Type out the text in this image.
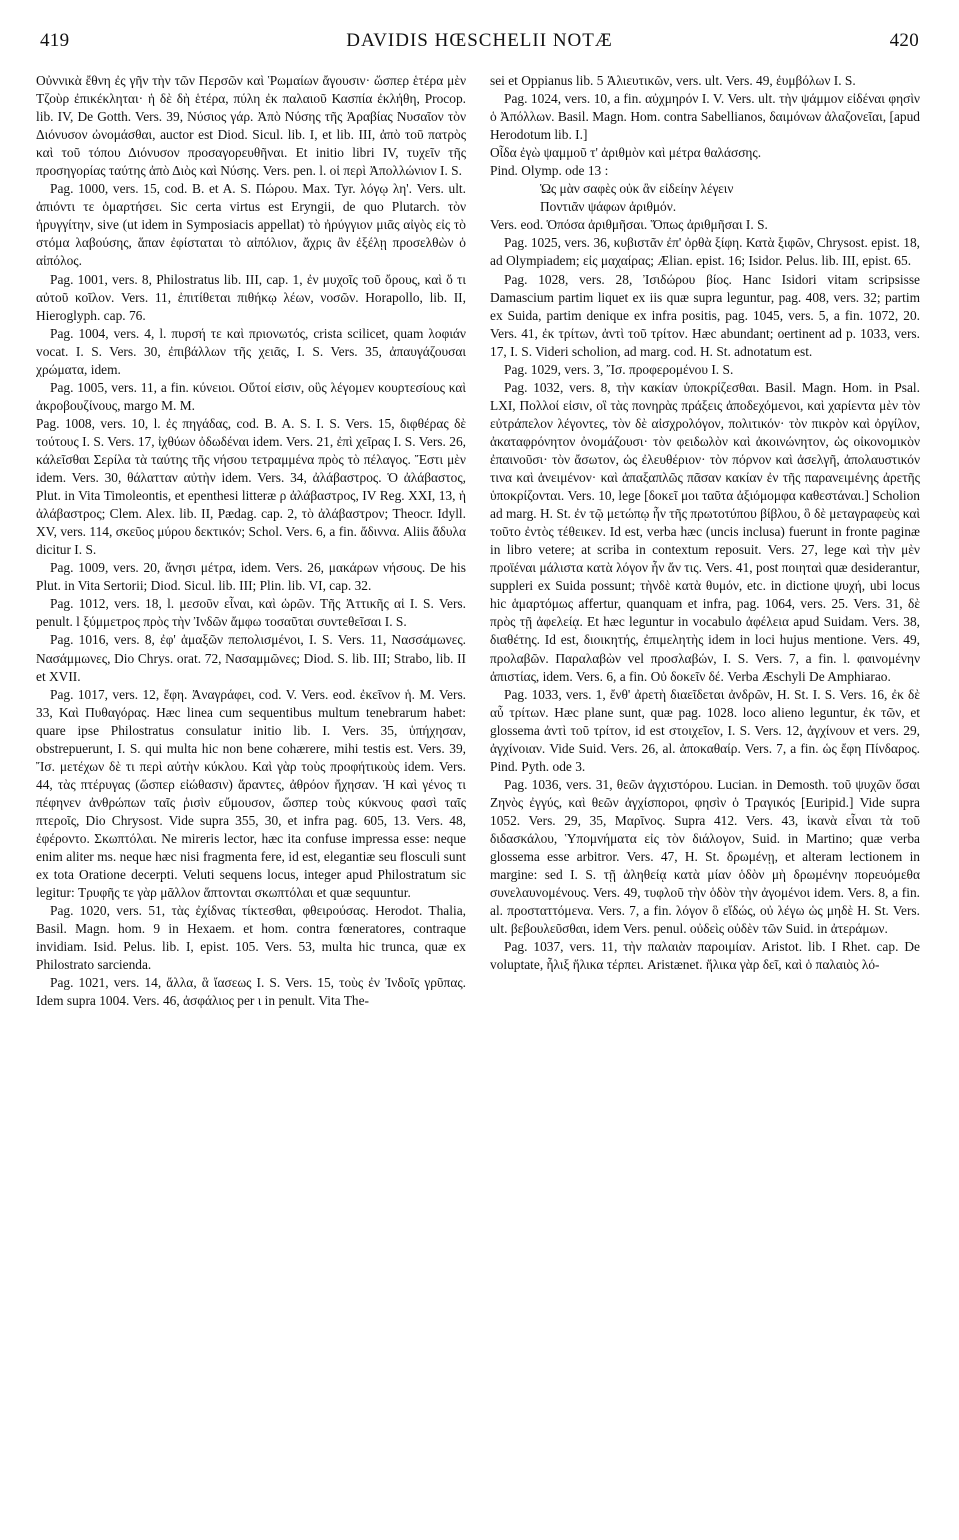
419	DAVIDIS HŒSCHELII NOTÆ	420

Οὐννικὰ ἔθνη ἐς γῆν τὴν τῶν Περσῶν καὶ Ῥωμαίων ἄγουσιν· ὥσπερ ἑτέρα μὲν Τζοὺρ ἐπικέκληται· ἡ δὲ δὴ ἑτέρα, πύλη ἐκ παλαιοῦ Κασπία ἐκλήθη, Procop. lib. IV, De Gotth. Vers. 39, Νύσιος γάρ. Ἀπὸ Νύσης τῆς Ἀραβίας Νυσαῖον τὸν Διόνυσον ὠνομάσθαι, auctor est Diod. Sicul. lib. I, et lib. III, ἀπὸ τοῦ πατρὸς καὶ τοῦ τόπου Διόνυσον προσαγορευθῆναι. Et initio libri IV, τυχεῖν τῆς προσηγορίας ταύτης ἀπὸ Διὸς καὶ Νύσης. Vers. pen. l. οἱ περὶ Ἀπολλώνιον I. S.

Pag. 1000, vers. 15, cod. B. et A. S. Πώρου. Max. Tyr. λόγῳ λη'. Vers. ult. ἀπιόντι τε ὁμαρτήσει. Sic certa virtus est Eryngii, de quo Plutarch. τὸν ἠρυγγίτην, sive (ut idem in Symposiacis appellat) τὸ ἠρύγγιον μιᾶς αἰγὸς εἰς τὸ στόμα λαβούσης, ἅπαν ἐφίσταται τὸ αἰπόλιον, ἄχρις ἂν ἐξέλῃ προσελθὼν ὁ αἰπόλος.

Pag. 1001, vers. 8, Philostratus lib. III, cap. 1, ἐν μυχοῖς τοῦ ὄρους, καὶ ὅ τι αὐτοῦ κοῖλον. Vers. 11, ἐπιτίθεται πιθήκῳ λέων, νοσῶν. Horapollo, lib. II, Hieroglyph. cap. 76.

Pag. 1004, vers. 4, l. πυρσή τε καὶ πριονωτός, crista scilicet, quam λοφιάν vocat. I. S. Vers. 30, ἐπιβάλλων τῆς χειᾶς, I. S. Vers. 35, ἀπαυγάζουσαι χρώματα, idem.

Pag. 1005, vers. 11, a fin. κύνειοι. Οὕτοί εἰσιν, οὓς λέγομεν κουρτεσίους καὶ ἀκροβουζίνους, margo M. M.

Pag. 1008, vers. 10, l. ἐς πηγάδας, cod. B. A. S. I. S. Vers. 15, διφθέρας δὲ τούτους I. S. Vers. 17, ἰχθύων ὀδωδέναι idem. Vers. 21, ἐπὶ χεῖρας I. S. Vers. 26, κάλεῖσθαι Σερίλα τὰ ταύτης τῆς νήσου τετραμμένα πρὸς τὸ πέλαγος. Ἔστι μὲν idem. Vers. 30, θάλατταν αὐτὴν idem. Vers. 34, ἀλάβαστρος. Ὁ ἀλάβαστος, Plut. in Vita Timoleontis, et epenthesi litteræ ρ ἀλάβαστρος, IV Reg. XXI, 13, ἡ ἀλάβαστρος; Clem. Alex. lib. II, Pædag. cap. 2, τὸ ἀλάβαστρον; Theocr. Idyll. XV, vers. 114, σκεῦος μύρου δεκτικόν; Schol. Vers. 6, a fin. ἄδιννα. Aliis ἄδυλα dicitur I. S.

Pag. 1009, vers. 20, ἄνησι μέτρα, idem. Vers. 26, μακάρων νήσους. De his Plut. in Vita Sertorii; Diod. Sicul. lib. III; Plin. lib. VI, cap. 32.

Pag. 1012, vers. 18, l. μεσοῦν εἶναι, καὶ ὡρῶν. Τῆς Ἀττικῆς αἱ I. S. Vers. penult. l ξύμμετρος πρὸς τὴν Ἰνδῶν ἄμφω τοσαῦται συντεθεῖσαι I. S.

Pag. 1016, vers. 8, ἐφ' ἁμαξῶν πεπολισμένοι, I. S. Vers. 11, Νασσάμωνες. Νασάμμωνες, Dio Chrys. orat. 72, Νασαμμῶνες; Diod. S. lib. III; Strabo, lib. II et XVII.

Pag. 1017, vers. 12, ἔφη. Ἀναγράφει, cod. V. Vers. eod. ἐκεῖνον ἡ. M. Vers. 33, Καὶ Πυθαγόρας. Hæc linea cum sequentibus multum tenebrarum habet: quare ipse Philostratus consulatur initio lib. I. Vers. 35, ὑπήχησαν, obstrepuerunt, I. S. qui multa hic non bene cohærere, mihi testis est. Vers. 39, Ἴσ. μετέχων δὲ τι περὶ αὐτὴν κύκλου. Καὶ γὰρ τοὺς προφήτικοὺς idem. Vers. 44, τὰς πτέρυγας (ὥσπερ εἰώθασιν) ἄραντες, ἀθρόον ἤχησαν. Ἡ καὶ γένος τι πέφηνεν ἀνθρώπων ταῖς ῥισὶν εὔμουσον, ὥσπερ τοὺς κύκνους φασὶ ταῖς πτεροῖς, Dio Chrysost. Vide supra 355, 30, et infra pag. 605, 13. Vers. 48, ἐφέροντο. Σκωπτόλαι. Ne mireris lector, hæc ita confuse impressa esse: neque enim aliter ms. neque hæc nisi fragmenta fere, id est, elegantiæ seu flosculi sunt ex tota Oratione decerpti. Veluti sequens locus, integer apud Philostratum sic legitur: Τρυφῆς τε γὰρ μᾶλλον ἅπτονται σκωπτόλαι et quæ sequuntur.

Pag. 1020, vers. 51, τὰς ἐχίδνας τίκτεσθαι, φθειρούσας. Herodot. Thalia, Basil. Magn. hom. 9 in Hexaem. et hom. contra fœneratores, contraque invidiam. Isid. Pelus. lib. I, epist. 105. Vers. 53, multa hic trunca, quæ ex Philostrato sarcienda.

Pag. 1021, vers. 14, ἄλλα, ἃ ἴασεως I. S. Vers. 15, τοὺς ἐν Ἰνδοῖς γρῦπας. Idem supra 1004. Vers. 46, ἀσφάλιος per ι in penult. Vita The-

sei et Oppianus lib. 5 Ἁλιευτικῶν, vers. ult. Vers. 49, ἐυμβόλων I. S.

Pag. 1024, vers. 10, a fin. αὐχμηρόν I. V. Vers. ult. τὴν ψάμμον εἰδέναι φησὶν ὁ Ἀπόλλων. Basil. Magn. Hom. contra Sabellianos, δαιμόνων ἀλαζονεῖαι, [apud Herodotum lib. I.]

Οἶδα ἐγὼ ψαμμοῦ τ' ἀριθμὸν καὶ μέτρα θαλάσσης.

Pind. Olymp. ode 13 :

Ὡς μὰν σαφὲς οὐκ ἂν εἰδείην λέγειν

Ποντιᾶν ψάφων ἀριθμόν.

Vers. eod. Ὁπόσα ἀριθμῆσαι. Ὅπως ἀριθμῆσαι I. S.

Pag. 1025, vers. 36, κυβιστᾶν ἐπ' ὀρθὰ ξίφη. Κατὰ ξιφῶν, Chrysost. epist. 18, ad Olympiadem; εἰς μαχαίρας; Ælian. epist. 16; Isidor. Pelus. lib. III, epist. 65.

Pag. 1028, vers. 28, Ἰσιδώρου βίος. Hanc Isidori vitam scripsisse Damascium partim liquet ex iis quæ supra leguntur, pag. 408, vers. 32; partim ex Suida, partim denique ex infra positis, pag. 1045, vers. 5, a fin. 1072, 20. Vers. 41, ἐκ τρίτων, ἀντὶ τοῦ τρίτον. Hæc abundant; oertinent ad p. 1033, vers. 17, I. S. Videri scholion, ad marg. cod. H. St. adnotatum est.

Pag. 1029, vers. 3, Ἴσ. προφερομένου I. S.

Pag. 1032, vers. 8, τὴν κακίαν ὑποκρίζεσθαι. Basil. Magn. Hom. in Psal. LXI, Πολλοί εἰσιν, οἳ τὰς πονηρὰς πράξεις ἀποδεχόμενοι, καὶ χαρίεντα μὲν τὸν εὐτράπελον λέγοντες, τὸν δὲ αἰσχρολόγον, πολιτικόν· τὸν πικρὸν καὶ ὀργίλον, ἀκαταφρόνητον ὀνομάζουσι· τὸν φειδωλὸν καὶ ἀκοινώνητον, ὡς οἰκονομικὸν ἐπαινοῦσι· τὸν ἄσωτον, ὡς ἐλευθέριον· τὸν πόρνον καὶ ἀσελγῆ, ἀπολαυστικόν τινα καὶ ἀνειμένον· καὶ ἁπαξαπλῶς πᾶσαν κακίαν ἐν τῆς παρανειμένης ἀρετῆς ὑποκρίζονται. Vers. 10, lege [δοκεῖ μοι ταῦτα ἀξιόμομφα καθεστάναι.] Scholion ad marg. H. St. ἐν τῷ μετώπῳ ἦν τῆς πρωτοτύπου βίβλου, ὃ δὲ μεταγραφεὺς καὶ τοῦτο ἐντὸς τέθεικεν. Id est, verba hæc (uncis inclusa) fuerunt in fronte paginæ in libro vetere; at scriba in contextum reposuit. Vers. 27, lege καὶ τὴν μὲν προϊέναι μάλιστα κατὰ λόγον ἦν ἄν τις. Vers. 41, post ποιηταὶ quæ desiderantur, suppleri ex Suida possunt; τὴνδὲ κατὰ θυμόν, etc. in dictione ψυχή, ubi locus hic ἁμαρτόμως affertur, quanquam et infra, pag. 1064, vers. 25. Vers. 31, δὲ πρὸς τῇ ἀφελείᾳ. Et hæc leguntur in vocabulo ἀφέλεια apud Suidam. Vers. 38, διαθέτης. Id est, διοικητής, ἐπιμελητὴς idem in loci hujus mentione. Vers. 49, προλαβῶν. Παραλαβὼν vel προσλαβών, I. S. Vers. 7, a fin. l. φαινομένην ἀπιστίας, idem. Vers. 6, a fin. Οὐ δοκεῖν δέ. Verba Æschyli De Amphiarao.

Pag. 1033, vers. 1, ἔνθ' ἀρετὴ διαεῖδεται ἀνδρῶν, H. St. I. S. Vers. 16, ἐκ δὲ αὖ τρίτων. Hæc plane sunt, quæ pag. 1028. loco alieno leguntur, ἐκ τῶν, et glossema ἀντὶ τοῦ τρίτον, id est στοιχεῖον, I. S. Vers. 12, ἀγχίνουν et vers. 29, ἀγχίνοιαν. Vide Suid. Vers. 26, al. ἀποκαθαίρ. Vers. 7, a fin. ὡς ἔφη Πίνδαρος. Pind. Pyth. ode 3.

Pag. 1036, vers. 31, θεῶν ἀγχιστόρου. Lucian. in Demosth. τοῦ ψυχῶν ὅσαι Ζηνὸς ἐγγύς, καὶ θεῶν ἀγχίσποροι, φησὶν ὁ Τραγικός [Euripid.] Vide supra 1052. Vers. 29, 35, Μαρῖνος. Supra 412. Vers. 43, ἱκανὰ εἶναι τὰ τοῦ διδασκάλου, Ὑπομνήματα εἰς τὸν διάλογον, Suid. in Martino; quæ verba glossema esse arbitror. Vers. 47, H. St. δρωμένῃ, et alteram lectionem in margine: sed I. S. τῇ ἀληθείᾳ κατὰ μίαν ὁδὸν μὴ δρωμένην πορευόμεθα συνελαυνομένους. Vers. 49, τυφλοῦ τὴν ὁδὸν τὴν ἀγομένοι idem. Vers. 8, a fin. al. προσταττόμενα. Vers. 7, a fin. λόγον ὃ εἴδώς, οὐ λέγω ὡς μηδὲ H. St. Vers. ult. βεβουλεῦσθαι, idem Vers. penul. οὐδεὶς οὐδὲν τῶν Suid. in ἀτεράμων.

Pag. 1037, vers. 11, τὴν παλαιὰν παροιμίαν. Aristot. lib. I Rhet. cap. De voluptate, ἧλιξ ἥλικα τέρπει. Aristænet. ἥλικα γὰρ δεῖ, καὶ ὁ παλαιὸς λό-
